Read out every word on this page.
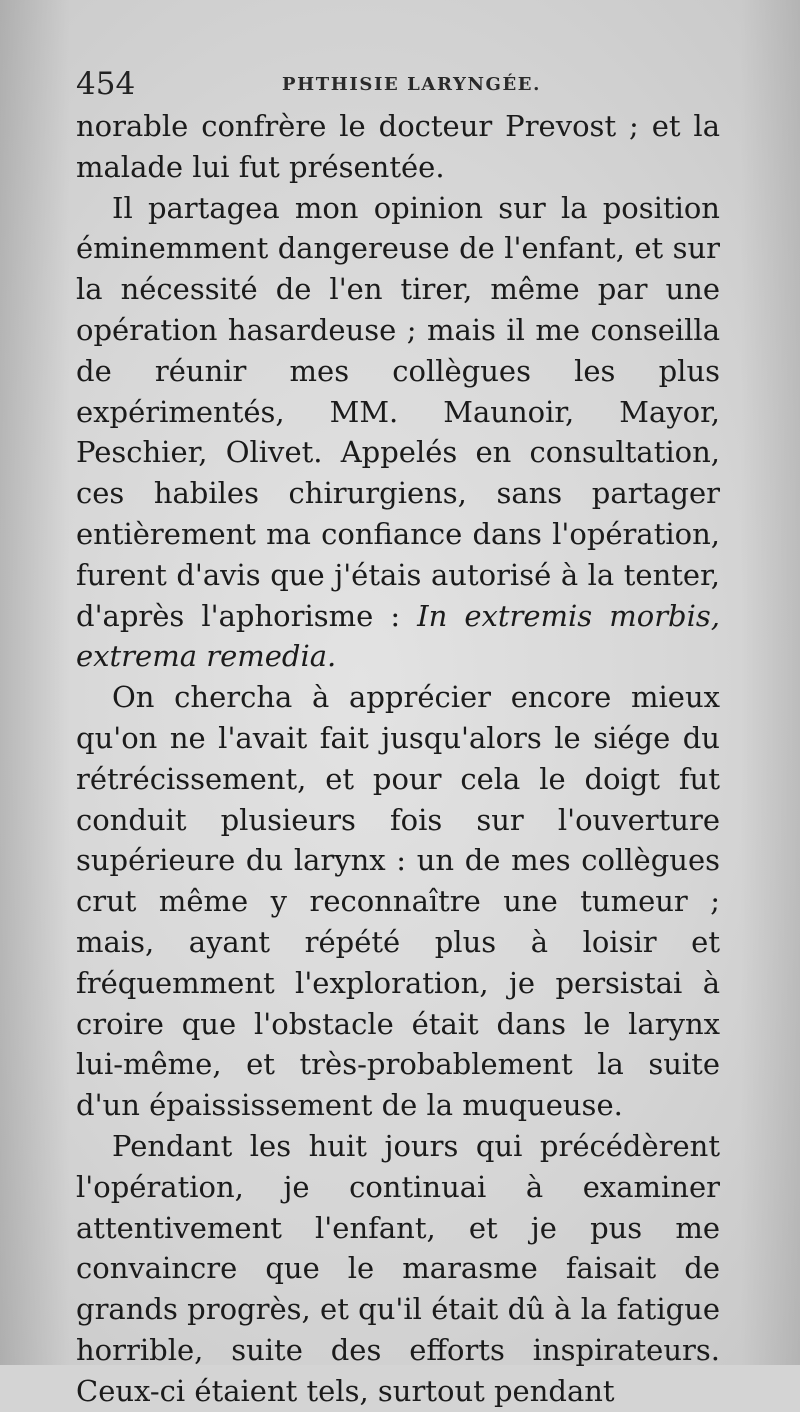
454	PHTHISIE LARYNGÉE.

norable confrère le docteur Prevost ; et la malade lui fut présentée.

Il partagea mon opinion sur la position éminemment dangereuse de l'enfant, et sur la nécessité de l'en tirer, même par une opération hasardeuse ; mais il me conseilla de réunir mes collègues les plus expérimentés, MM. Maunoir, Mayor, Peschier, Olivet. Appelés en consultation, ces habiles chirurgiens, sans partager entièrement ma confiance dans l'opération, furent d'avis que j'étais autorisé à la tenter, d'après l'aphorisme : In extremis morbis, extrema remedia.

On chercha à apprécier encore mieux qu'on ne l'avait fait jusqu'alors le siége du rétrécissement, et pour cela le doigt fut conduit plusieurs fois sur l'ouverture supérieure du larynx : un de mes collègues crut même y reconnaître une tumeur ; mais, ayant répété plus à loisir et fréquemment l'exploration, je persistai à croire que l'obstacle était dans le larynx lui-même, et très-probablement la suite d'un épaississement de la muqueuse.

Pendant les huit jours qui précédèrent l'opération, je continuai à examiner attentivement l'enfant, et je pus me convaincre que le marasme faisait de grands progrès, et qu'il était dû à la fatigue horrible, suite des efforts inspirateurs. Ceux-ci étaient tels, surtout pendant
